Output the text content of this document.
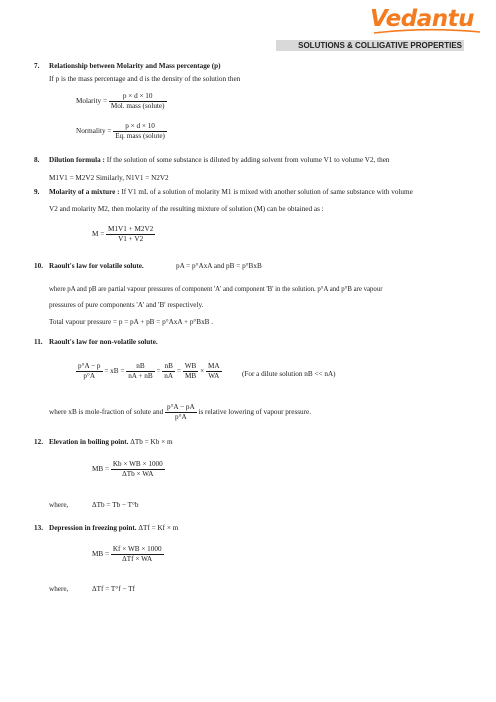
Vedantu
SOLUTIONS & COLLIGATIVE PROPERTIES
7. Relationship between Molarity and Mass percentage (p)
If p is the mass percentage and d is the density of the solution then
Molarity = $\frac{p \times d \times 10}{\text{Mol. mass (solute)}}$
Normality = $\frac{p \times d \times 10}{\text{Eq. mass (solute)}}$
8. Dilution formula : If the solution of some substance is diluted by adding solvent from volume V1 to volume V2, then
M1V1 = M2V2 Similarly, N1V1 = N2V2
9. Molarity of a mixture : If V1 mL of a solution of molarity M1 is mixed with another solution of same substance with volume
V2 and molarity M2, then molarity of the resulting mixture of solution (M) can be obtained as :
$M = \frac{M1V1 + M2V2}{V1 + V2}$
10. Raoult's law for volatile solute.	pA = p°AxA and pB = p°BxB
where pA and pB are partial vapour pressures of component 'A' and component 'B' in the solution. p°A and p°B are vapour
pressures of pure components 'A' and 'B' respectively.
Total vapour pressure = p = pA + pB = p°AxA + p°BxB .
11. Raoult's law for non-volatile solute.
$\frac{p^\circ A - p}{p^\circ A}$ = xB = $\frac{nB}{nA + nB} = \frac{nB}{nA} = \frac{WB}{MB} \times \frac{MA}{WA}$	(For a dilute solution nB << nA)
where xB is mole-fraction of solute and $\frac{p^\circ A - pA}{p^\circ A}$ is relative lowering of vapour pressure.
12. Elevation in boiling point. ΔTb = Kb × m
MB = $\frac{Kb \times WB \times 1000}{\text{ΔTb × WA}}$
where,	ΔTb = Tb − T°b
13. Depression in freezing point. ΔTf = Kf × m
MB = $\frac{Kf \times WB \times 1000}{\text{ΔTf × WA}}$
where,	ΔTf = T°f − Tf
